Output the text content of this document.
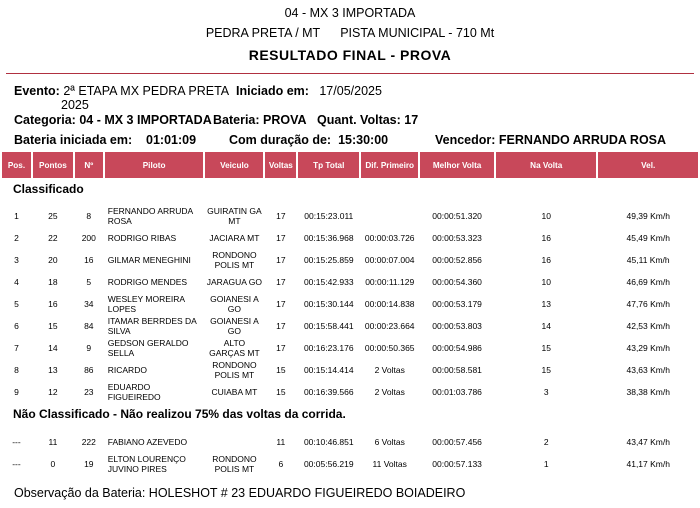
04 - MX 3 IMPORTADA
PEDRA PRETA / MT PISTA MUNICIPAL - 710 Mt
RESULTADO FINAL - PROVA
Evento: 2ª ETAPA MX PEDRA PRETA
2025
Iniciado em: 17/05/2025
Categoria: 04 - MX 3 IMPORTADA Bateria: PROVA Quant. Voltas: 17
Bateria iniciada em: 01:01:09	Com duração de: 15:30:00	Vencedor: FERNANDO ARRUDA ROSA
Pos.	Pontos	Nº	Piloto	Veiculo	Voltas	Tp Total	Dif. Primeiro	Melhor Volta	Na Volta	Vel.
Classificado										

1	25	8	FERNANDO ARRUDA ROSA	GUIRATIN GA MT	17	00:15:23.011		00:00:51.320	10	49,39 Km/h
2	22	200	RODRIGO RIBAS	JACIARA MT	17	00:15:36.968	00:00:03.726	00:00:53.323	16	45,49 Km/h
3	20	16	GILMAR MENEGHINI	RONDONO POLIS MT	17	00:15:25.859	00:00:07.004	00:00:52.856	16	45,11 Km/h
4	18	5	RODRIGO MENDES	JARAGUA GO	17	00:15:42.933	00:00:11.129	00:00:54.360	10	46,69 Km/h
5	16	34	WESLEY MOREIRA LOPES	GOIANESI A GO	17	00:15:30.144	00:00:14.838	00:00:53.179	13	47,76 Km/h
6	15	84	ITAMAR BERRDES DA SILVA	GOIANESI A GO	17	00:15:58.441	00:00:23.664	00:00:53.803	14	42,53 Km/h
7	14	9	GEDSON GERALDO SELLA	ALTO GARÇAS MT	17	00:16:23.176	00:00:50.365	00:00:54.986	15	43,29 Km/h
8	13	86	RICARDO	RONDONO POLIS MT	15	00:15:14.414	2 Voltas	00:00:58.581	15	43,63 Km/h
9	12	23	EDUARDO FIGUEIREDO	CUIABA MT	15	00:16:39.566	2 Voltas	00:01:03.786	3	38,38 Km/h
Não Classificado - Não realizou 75% das voltas da corrida.										

---	11	222	FABIANO AZEVEDO		11	00:10:46.851	6 Voltas	00:00:57.456	2	43,47 Km/h
---	0	19	ELTON LOURENÇO JUVINO PIRES	RONDONO POLIS MT	6	00:05:56.219	11 Voltas	00:00:57.133	1	41,17 Km/h
Observação da Bateria: HOLESHOT # 23 EDUARDO FIGUEIREDO BOIADEIRO
